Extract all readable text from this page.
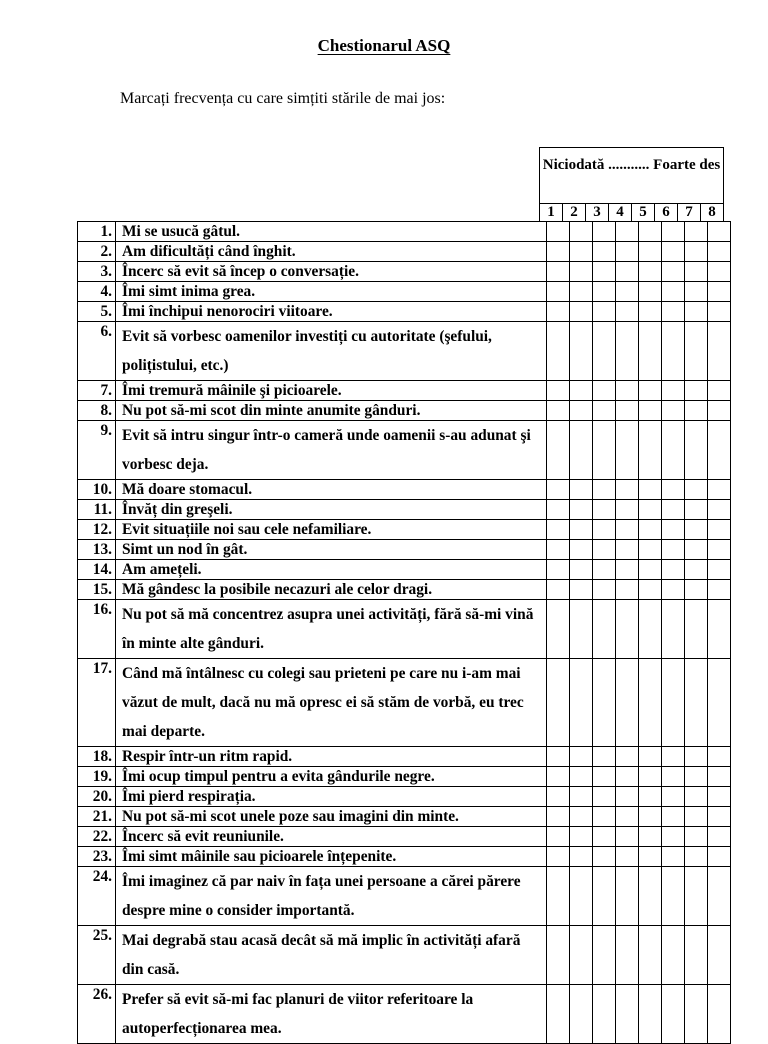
Chestionarul ASQ
Marcați frecvența cu care simțiti stările de mai jos:
Niciodată ........... Foarte des
1	2	3	4	5	6	7	8
1.	Mi se usucă gâtul.								
2.	Am dificultăți când înghit.								
3.	Încerc să evit să încep o conversație.								
4.	Îmi simt inima grea.								
5.	Îmi închipui nenorociri viitoare.								
6.	Evit să vorbesc oamenilor investiți cu autoritate (şefului, polițistului, etc.)								
7.	Îmi tremură mâinile şi picioarele.								
8.	Nu pot să-mi scot din minte anumite gânduri.								
9.	Evit să intru singur într-o cameră unde oamenii s-au adunat şi vorbesc deja.								
10.	Mă doare stomacul.								
11.	Învăț din greşeli.								
12.	Evit situațiile noi sau cele nefamiliare.								
13.	Simt un nod în gât.								
14.	Am amețeli.								
15.	Mă gândesc la posibile necazuri ale celor dragi.								
16.	Nu pot să mă concentrez asupra unei activități, fără să-mi vină în minte alte gânduri.								
17.	Când mă întâlnesc cu colegi sau prieteni pe care nu i-am mai văzut de mult, dacă nu mă opresc ei să stăm de vorbă, eu trec mai departe.								
18.	Respir într-un ritm rapid.								
19.	Îmi ocup timpul pentru a evita gândurile negre.								
20.	Îmi pierd respirația.								
21.	Nu pot să-mi scot unele poze sau imagini din minte.								
22.	Încerc să evit reuniunile.								
23.	Îmi simt mâinile sau picioarele înțepenite.								
24.	Îmi imaginez că par naiv în fața unei persoane a cărei părere despre mine o consider importantă.								
25.	Mai degrabă stau acasă decât să mă implic în activități afară din casă.								
26.	Prefer să evit să-mi fac planuri de viitor referitoare la autoperfecționarea mea.								
